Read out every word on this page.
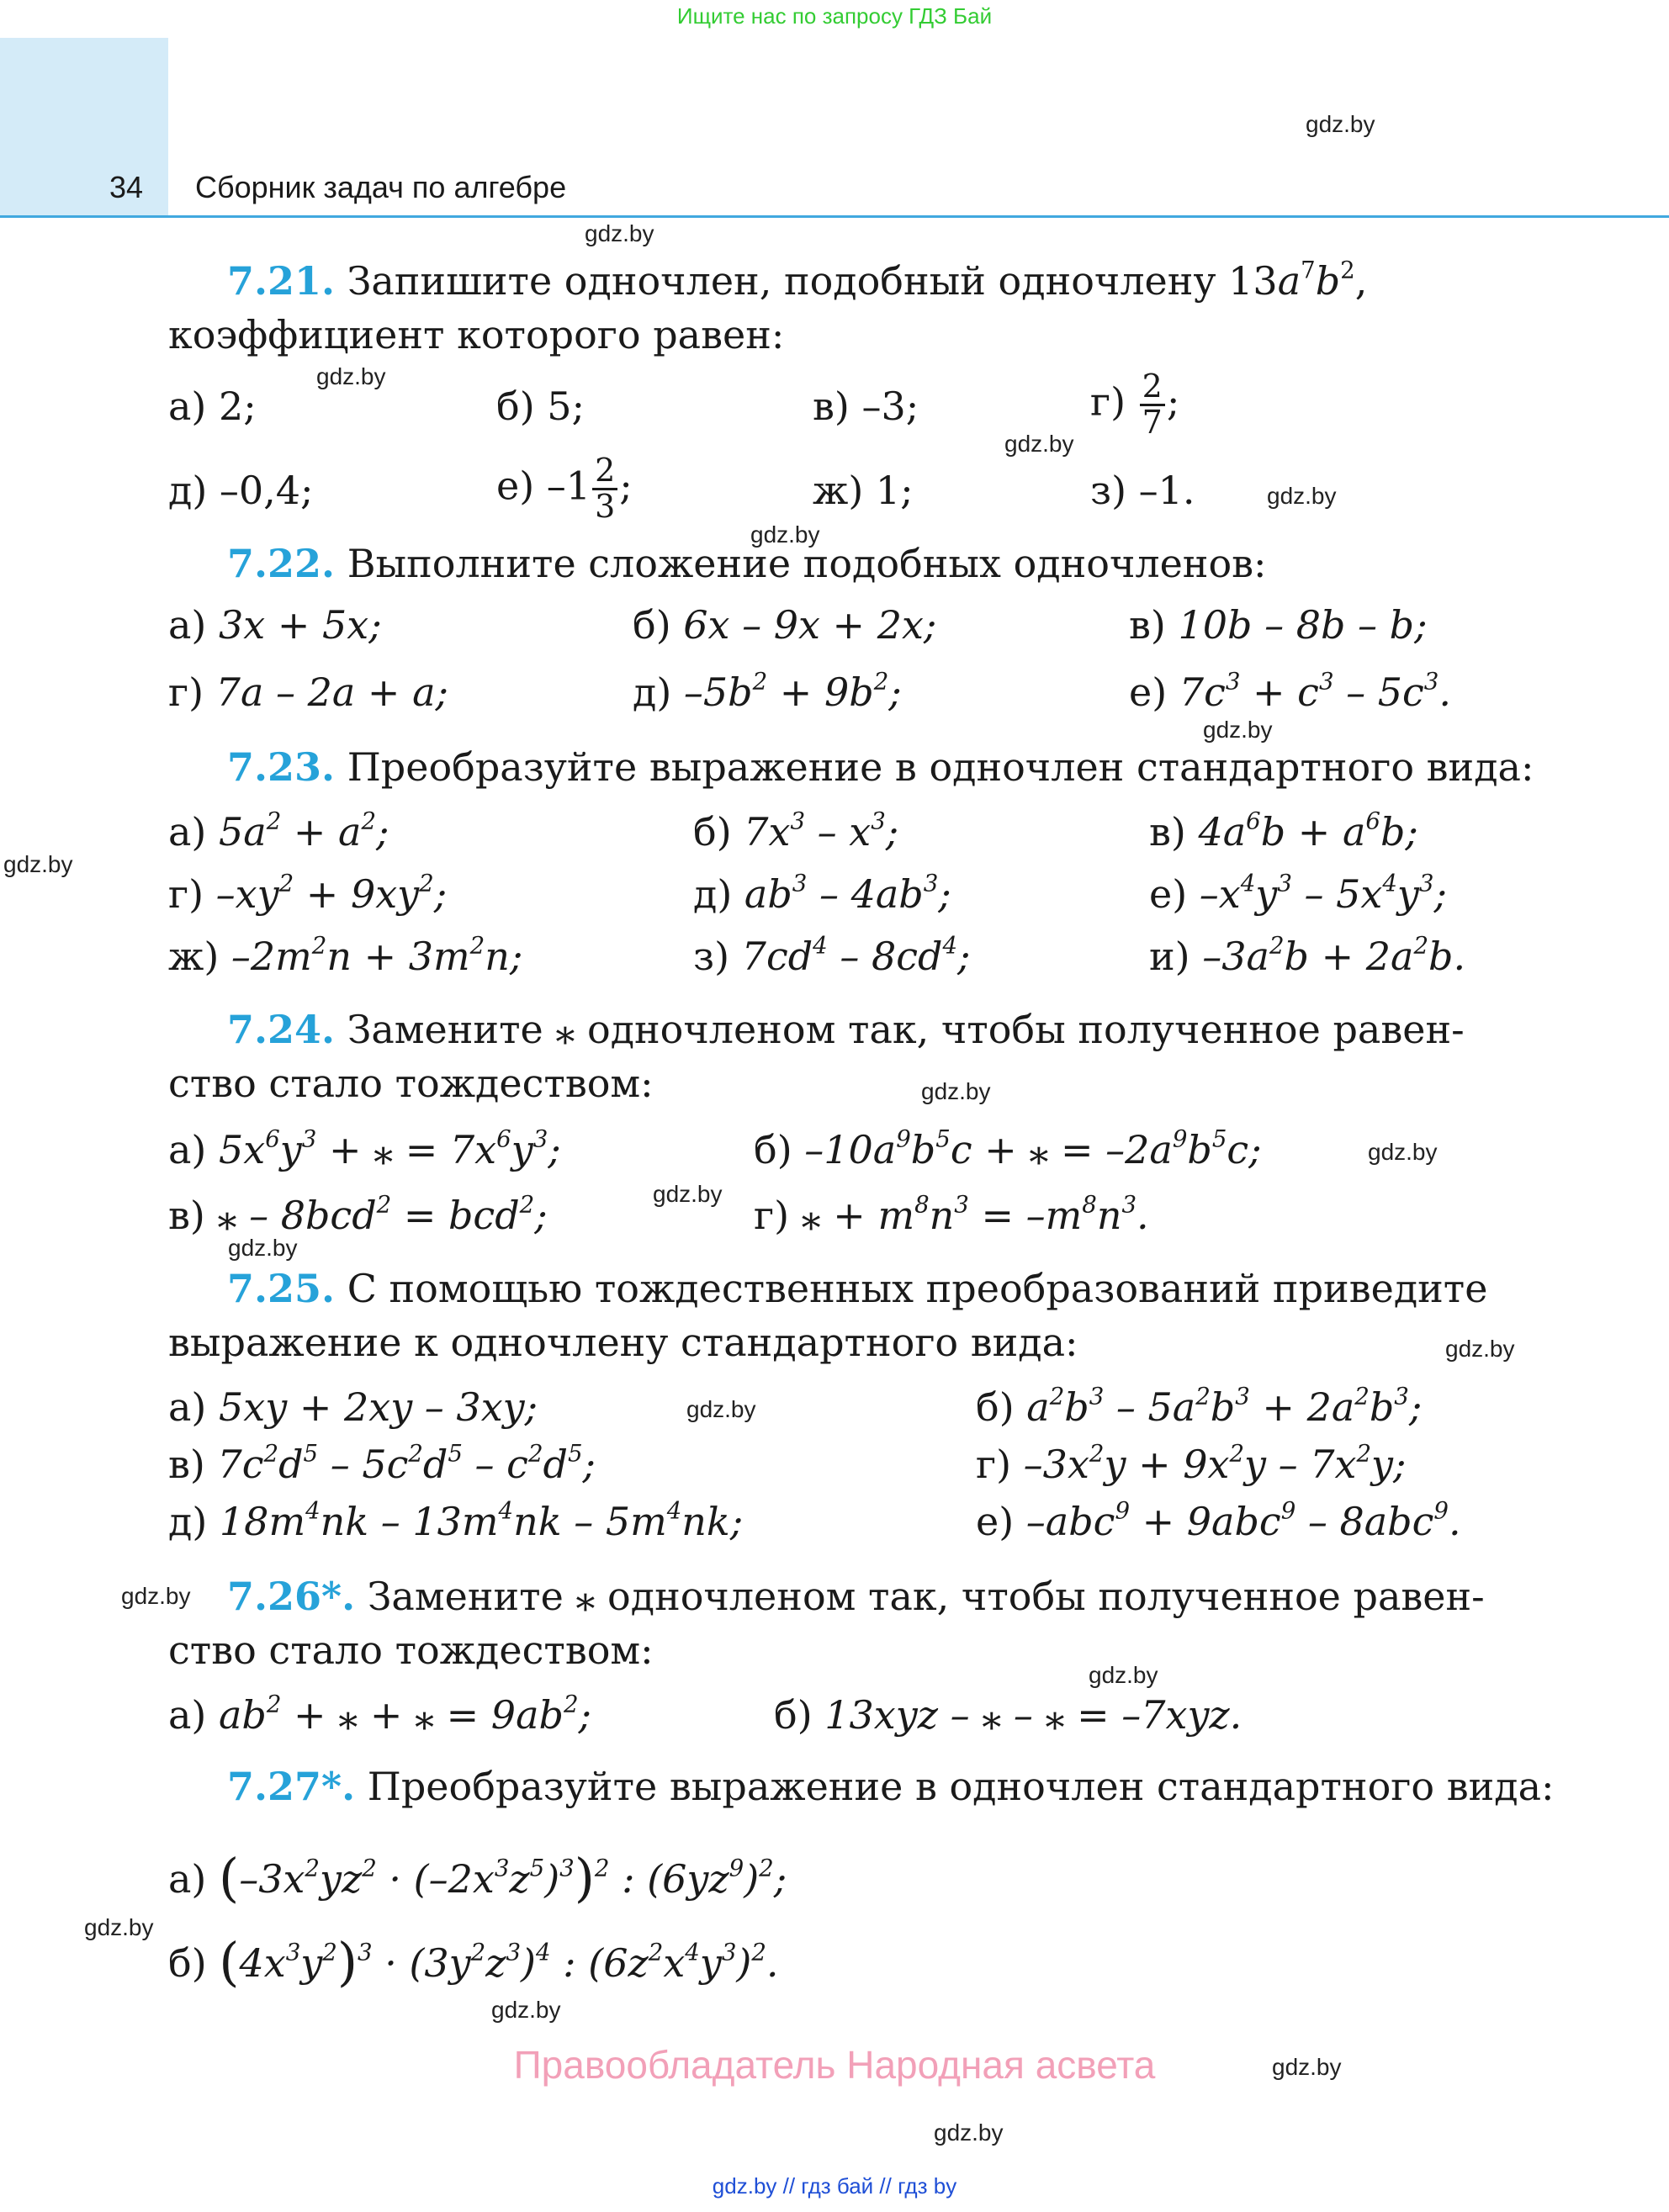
Ищите нас по запросу ГДЗ Бай
34 Сборник задач по алгебре
gdz.by
gdz.by
gdz.by
gdz.by
gdz.by
gdz.by
gdz.by
gdz.by
gdz.by
gdz.by
gdz.by
gdz.by
gdz.by
gdz.by
gdz.by
gdz.by
gdz.by
gdz.by
gdz.by
gdz.by
7.21. Запишите одночлен, подобный одночлену $13a^7b^2$,
коэффициент которого равен:
а) 2;	б) 5;	в) –3;	$г) \frac{2}{7}$ ;
д) –0,4;	е) $-1 \frac{2}{3}$ ;	ж) 1;	з) –1.
7.22. Выполните сложение подобных одночленов:
а) 3x + 5x;	б) 6x – 9x + 2x;	в) 10b – 8b – b;
г) 7a – 2a + a;	д) $-5b^2 + 9b^2$;	е) $7c^3 + c^3 - 5c^3$.
7.23. Преобразуйте выражение в одночлен стандартного вида:
а) $5a^2 + a^2$;	б) $7x^3 - x^3$;	в) $4a^6b + a^6b$;
г) $-xy^2 + 9xy^2$;	д) $ab^3 - 4ab^3$;	е) $-x^4y^3 - 5x^4y^3$;
ж) $-2m^2n + 3m^2n$;	з) $7cd^4 - 8cd^4$;	и) $-3a^2b + 2a^2b$.
7.24. Замените ⁎ одночленом так, чтобы полученное равен-
ство стало тождеством:
а) $5x^6y^3$ + ⁎ = $7x^6y^3$;	б) $-10a^9b^5c$ + ⁎ = $-2a^9b^5c$;
в) ⁎ – 8bcd$^2$ = bcd$^2$;	г) ⁎ + $m^8n^3 = -m^8n^3$.
7.25. С помощью тождественных преобразований приведите
выражение к одночлену стандартного вида:
а) 5xy + 2xy – 3xy;	б) $a^2b^3 - 5a^2b^3 + 2a^2b^3$;
в) $7c^2d^5 - 5c^2d^5 - c^2d^5$;	г) $-3x^2y + 9x^2y - 7x^2y$;
д) $18m^4nk - 13m^4nk - 5m^4nk$;	е) –abc$^9$ + 9abc$^9$ – 8abc$^9$.
7.26*. Замените ⁎ одночленом так, чтобы полученное равен-
ство стало тождеством:
а) $ab^2$ + ⁎ + ⁎ = $9ab^2$;	б) 13xyz – ⁎ – ⁎ = –7xyz.
7.27*. Преобразуйте выражение в одночлен стандартного вида:
а) $(-3x^2yz^2 \cdot (-2x^3z^5)^3)^2$ : $(6yz^9)^2$;
б) $(4x^3y^2)^3 \cdot (3y^2z^3)^4$ : $(6z^2x^4y^3)^2$.
Правообладатель Народная асвета
gdz.by // гдз бай // гдз by
